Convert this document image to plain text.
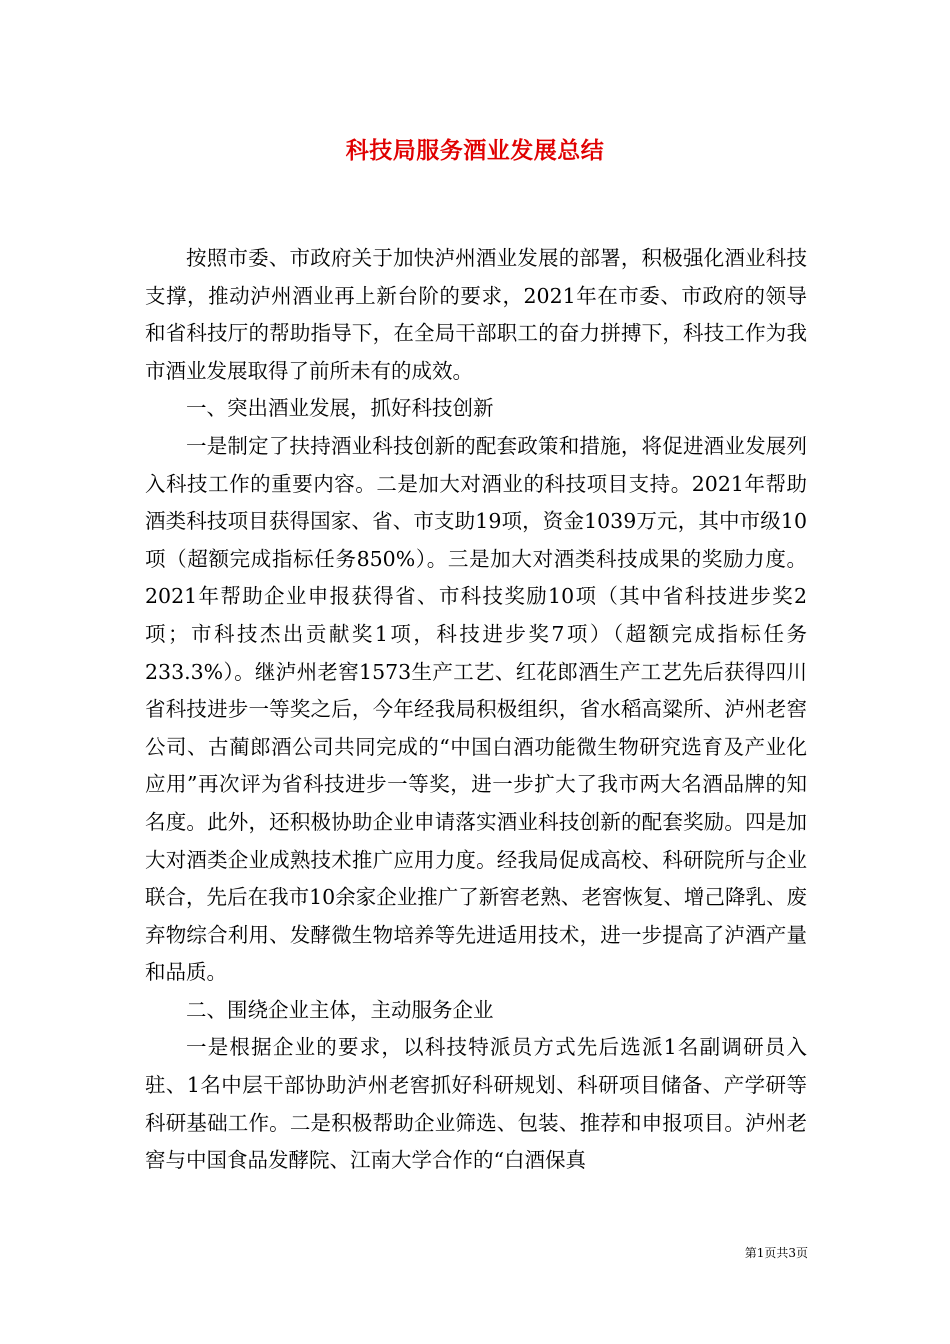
科技局服务酒业发展总结

按照市委、市政府关于加快泸州酒业发展的部署，积极强化酒业科技支撑，推动泸州酒业再上新台阶的要求，2021年在市委、市政府的领导和省科技厅的帮助指导下，在全局干部职工的奋力拼搏下，科技工作为我市酒业发展取得了前所未有的成效。

一、突出酒业发展，抓好科技创新

一是制定了扶持酒业科技创新的配套政策和措施，将促进酒业发展列入科技工作的重要内容。二是加大对酒业的科技项目支持。2021年帮助酒类科技项目获得国家、省、市支助19项，资金1039万元，其中市级10项（超额完成指标任务850%）。三是加大对酒类科技成果的奖励力度。2021年帮助企业申报获得省、市科技奖励10项（其中省科技进步奖2项；市科技杰出贡献奖1项，科技进步奖7项）（超额完成指标任务233.3%）。继泸州老窖1573生产工艺、红花郎酒生产工艺先后获得四川省科技进步一等奖之后，今年经我局积极组织，省水稻高粱所、泸州老窖公司、古蔺郎酒公司共同完成的“中国白酒功能微生物研究选育及产业化应用”再次评为省科技进步一等奖，进一步扩大了我市两大名酒品牌的知名度。此外，还积极协助企业申请落实酒业科技创新的配套奖励。四是加大对酒类企业成熟技术推广应用力度。经我局促成高校、科研院所与企业联合，先后在我市10余家企业推广了新窖老熟、老窖恢复、增己降乳、废弃物综合利用、发酵微生物培养等先进适用技术，进一步提高了泸酒产量和品质。

二、围绕企业主体，主动服务企业

一是根据企业的要求，以科技特派员方式先后选派1名副调研员入驻、1名中层干部协助泸州老窖抓好科研规划、科研项目储备、产学研等科研基础工作。二是积极帮助企业筛选、包装、推荐和申报项目。泸州老窖与中国食品发酵院、江南大学合作的“白酒保真

第1页共3页
